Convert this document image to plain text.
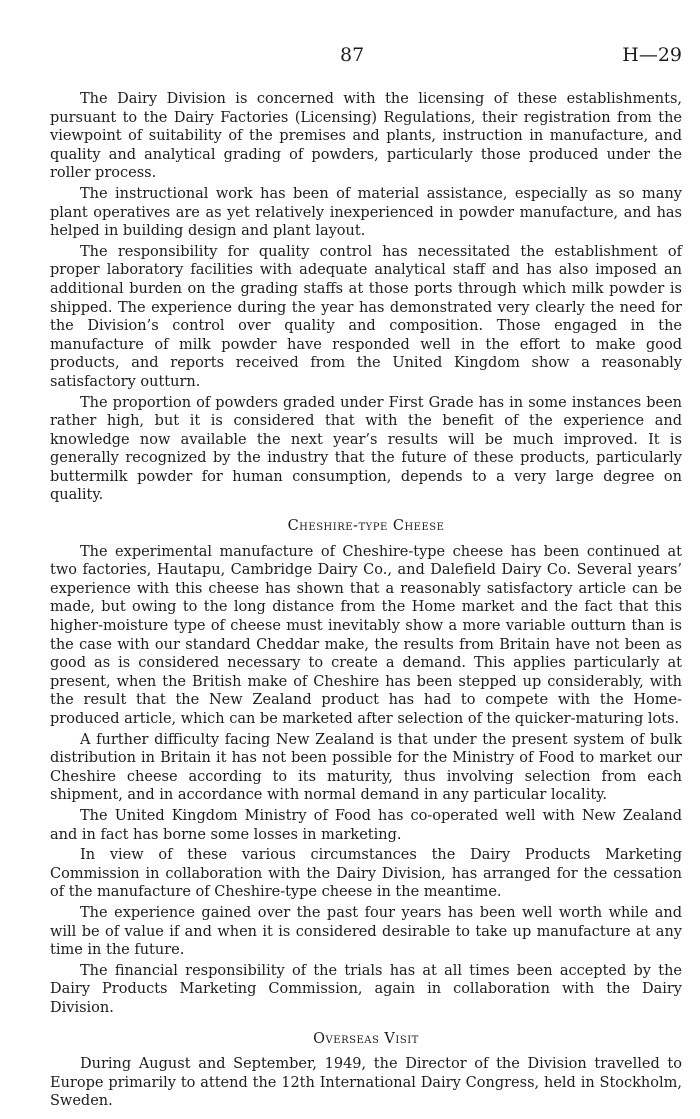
87	H—29

The Dairy Division is concerned with the licensing of these establishments, pursuant to the Dairy Factories (Licensing) Regulations, their registration from the viewpoint of suitability of the premises and plants, instruction in manufacture, and quality and analytical grading of powders, particularly those produced under the roller process.

The instructional work has been of material assistance, especially as so many plant operatives are as yet relatively inexperienced in powder manufacture, and has helped in building design and plant layout.

The responsibility for quality control has necessitated the establishment of proper laboratory facilities with adequate analytical staff and has also imposed an additional burden on the grading staffs at those ports through which milk powder is shipped. The experience during the year has demonstrated very clearly the need for the Division’s control over quality and composition. Those engaged in the manufacture of milk powder have responded well in the effort to make good products, and reports received from the United Kingdom show a reasonably satisfactory outturn.

The proportion of powders graded under First Grade has in some instances been rather high, but it is considered that with the benefit of the experience and knowledge now available the next year’s results will be much improved. It is generally recognized by the industry that the future of these products, particularly buttermilk powder for human consumption, depends to a very large degree on quality.

Cheshire-type Cheese

The experimental manufacture of Cheshire-type cheese has been continued at two factories, Hautapu, Cambridge Dairy Co., and Dalefield Dairy Co. Several years’ experience with this cheese has shown that a reasonably satisfactory article can be made, but owing to the long distance from the Home market and the fact that this higher-moisture type of cheese must inevitably show a more variable outturn than is the case with our standard Cheddar make, the results from Britain have not been as good as is considered necessary to create a demand. This applies particularly at present, when the British make of Cheshire has been stepped up considerably, with the result that the New Zealand product has had to compete with the Home-produced article, which can be marketed after selection of the quicker-maturing lots.

A further difficulty facing New Zealand is that under the present system of bulk distribution in Britain it has not been possible for the Ministry of Food to market our Cheshire cheese according to its maturity, thus involving selection from each shipment, and in accordance with normal demand in any particular locality.

The United Kingdom Ministry of Food has co-operated well with New Zealand and in fact has borne some losses in marketing.

In view of these various circumstances the Dairy Products Marketing Commission in collaboration with the Dairy Division, has arranged for the cessation of the manufacture of Cheshire-type cheese in the meantime.

The experience gained over the past four years has been well worth while and will be of value if and when it is considered desirable to take up manufacture at any time in the future.

The financial responsibility of the trials has at all times been accepted by the Dairy Products Marketing Commission, again in collaboration with the Dairy Division.

Overseas Visit

During August and September, 1949, the Director of the Division travelled to Europe primarily to attend the 12th International Dairy Congress, held in Stockholm, Sweden.
